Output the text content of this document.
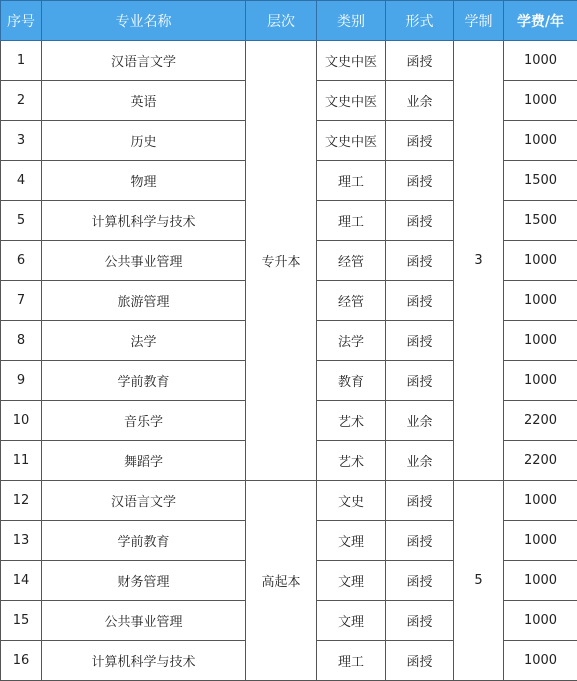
序号	专业名称	层次	类别	形式	学制	学费/年
1	汉语言文学	专升本	文史中医	函授	3	1000
2	英语		文史中医	业余		1000
3	历史		文史中医	函授		1000
4	物理		理工	函授		1500
5	计算机科学与技术		理工	函授		1500
6	公共事业管理		经管	函授		1000
7	旅游管理		经管	函授		1000
8	法学		法学	函授		1000
9	学前教育		教育	函授		1000
10	音乐学		艺术	业余		2200
11	舞蹈学		艺术	业余		2200
12	汉语言文学	高起本	文史	函授	5	1000
13	学前教育		文理	函授		1000
14	财务管理		文理	函授		1000
15	公共事业管理		文理	函授		1000
16	计算机科学与技术		理工	函授		1000
